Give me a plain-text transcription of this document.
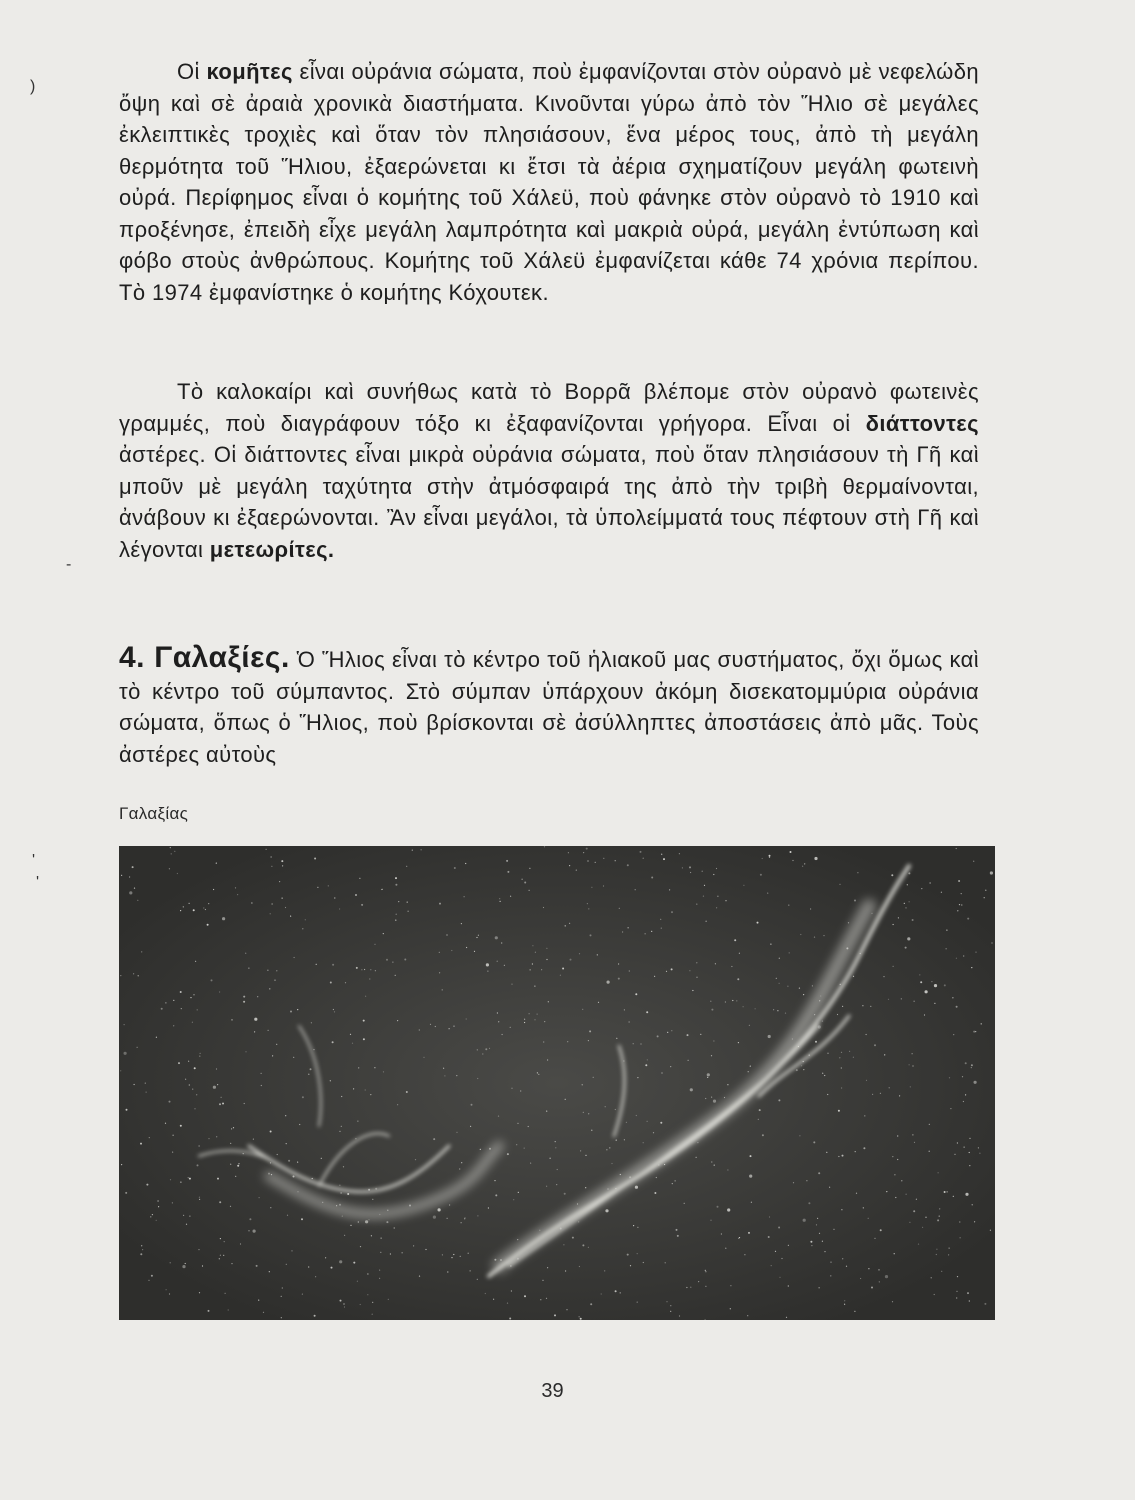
)
‐
'
'

Οἱ κομῆτες εἶναι οὐράνια σώματα, ποὺ ἐμφανίζονται στὸν οὐρανὸ μὲ νεφελώδη ὄψη καὶ σὲ ἀραιὰ χρονικὰ διαστήματα. Κινοῦνται γύρω ἀπὸ τὸν Ἥλιο σὲ μεγάλες ἐκλειπτικὲς τροχιὲς καὶ ὅταν τὸν πλησιάσουν, ἕνα μέρος τους, ἀπὸ τὴ μεγάλη θερμότητα τοῦ Ἥλιου, ἐξαερώνεται κι ἔτσι τὰ ἀέρια σχηματίζουν μεγάλη φωτεινὴ οὐρά. Περίφημος εἶναι ὁ κομήτης τοῦ Χάλεϋ, ποὺ φάνηκε στὸν οὐρανὸ τὸ 1910 καὶ προξένησε, ἐπειδὴ εἶχε μεγάλη λαμπρότητα καὶ μακριὰ οὐρά, μεγάλη ἐντύπωση καὶ φόβο στοὺς ἀνθρώπους. Κομήτης τοῦ Χάλεϋ ἐμφανίζεται κάθε 74 χρόνια περίπου. Τὸ 1974 ἐμφανίστηκε ὁ κομήτης Κόχουτεκ.

Τὸ καλοκαίρι καὶ συνήθως κατὰ τὸ Βορρᾶ βλέπομε στὸν οὐρανὸ φωτεινὲς γραμμές, ποὺ διαγράφουν τόξο κι ἐξαφανίζονται γρήγορα. Εἶναι οἱ διάττοντες ἀστέρες. Οἱ διάττοντες εἶναι μικρὰ οὐράνια σώματα, ποὺ ὅταν πλησιάσουν τὴ Γῆ καὶ μποῦν μὲ μεγάλη ταχύτητα στὴν ἀτμόσφαιρά της ἀπὸ τὴν τριβὴ θερμαίνονται, ἀνάβουν κι ἐξαερώνονται. Ἂν εἶναι μεγάλοι, τὰ ὑπολείμματά τους πέφτουν στὴ Γῆ καὶ λέγονται μετεωρίτες.

4. Γαλαξίες. Ὁ Ἥλιος εἶναι τὸ κέντρο τοῦ ἡλιακοῦ μας συστήματος, ὄχι ὅμως καὶ τὸ κέντρο τοῦ σύμπαντος. Στὸ σύμπαν ὑπάρχουν ἀκόμη δισεκατομμύρια οὐράνια σώματα, ὅπως ὁ Ἥλιος, ποὺ βρίσκονται σὲ ἀσύλληπτες ἀποστάσεις ἀπὸ μᾶς. Τοὺς ἀστέρες αὐτοὺς

Γαλαξίας
39
